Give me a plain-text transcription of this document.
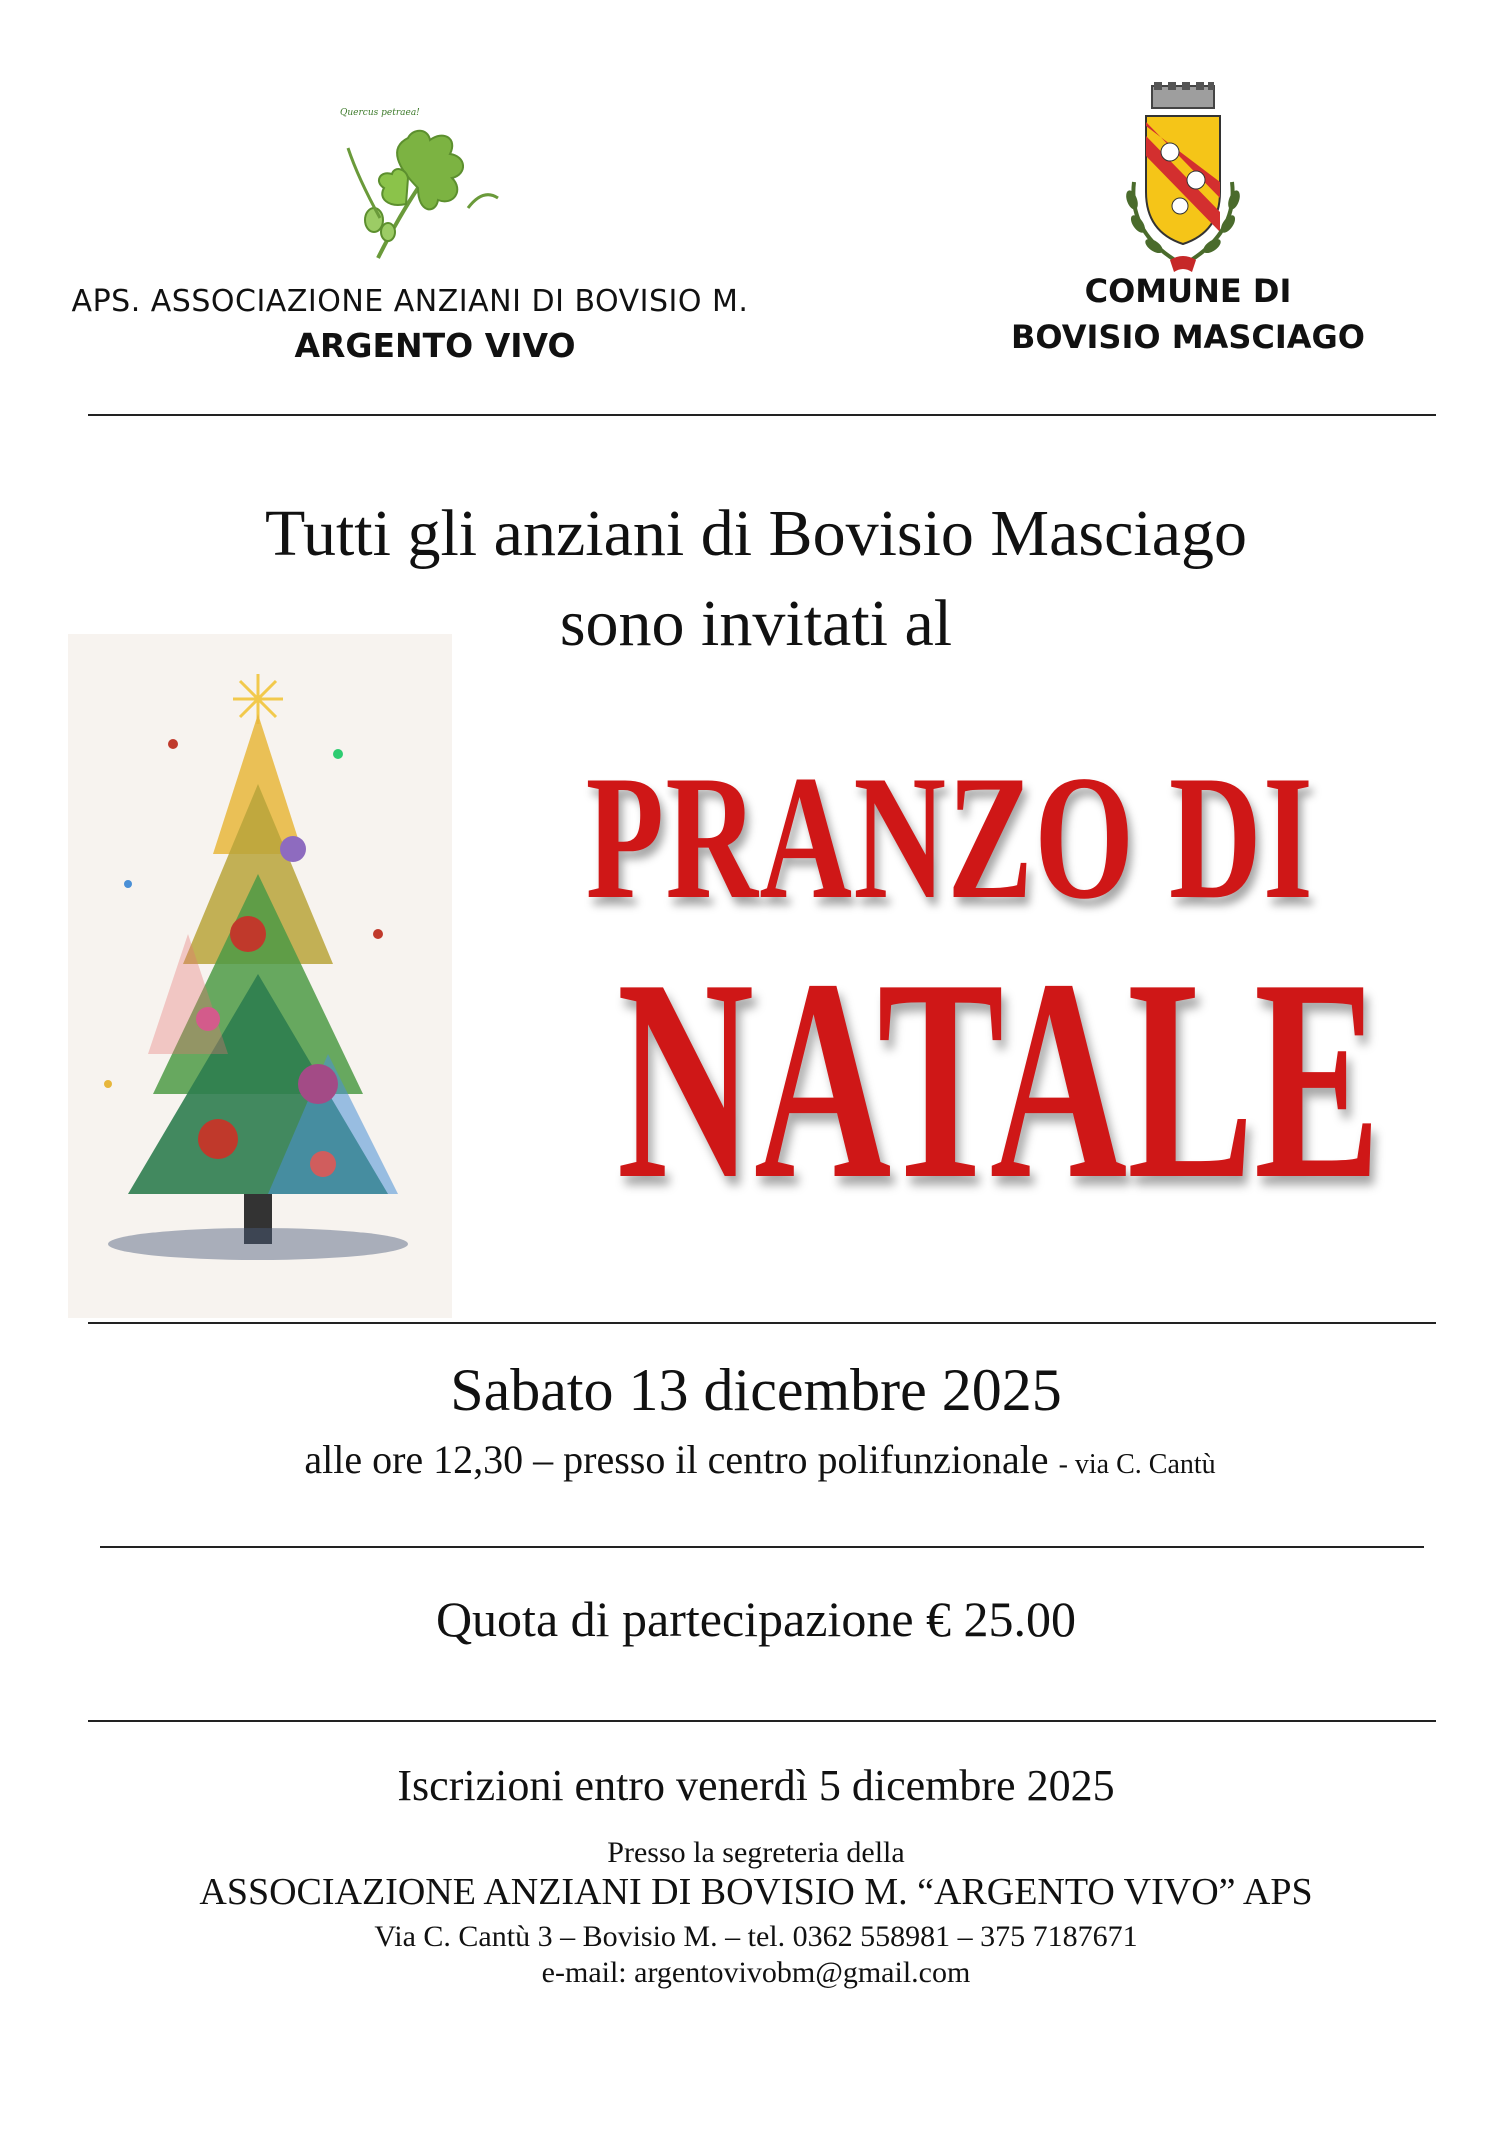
Quercus petraea!
APS. ASSOCIAZIONE ANZIANI DI BOVISIO M.
ARGENTO VIVO
COMUNE DI
BOVISIO MASCIAGO
Tutti gli anziani di Bovisio Masciago
sono invitati al
PRANZO DI
NATALE
Sabato 13 dicembre 2025
alle ore 12,30 – presso il centro polifunzionale - via C. Cantù
Quota di partecipazione € 25.00
Iscrizioni entro venerdì 5 dicembre 2025
Presso la segreteria della
ASSOCIAZIONE ANZIANI DI BOVISIO M. “ARGENTO VIVO” APS
Via C. Cantù 3 – Bovisio M. – tel. 0362 558981 – 375 7187671
e-mail: argentovivobm@gmail.com
